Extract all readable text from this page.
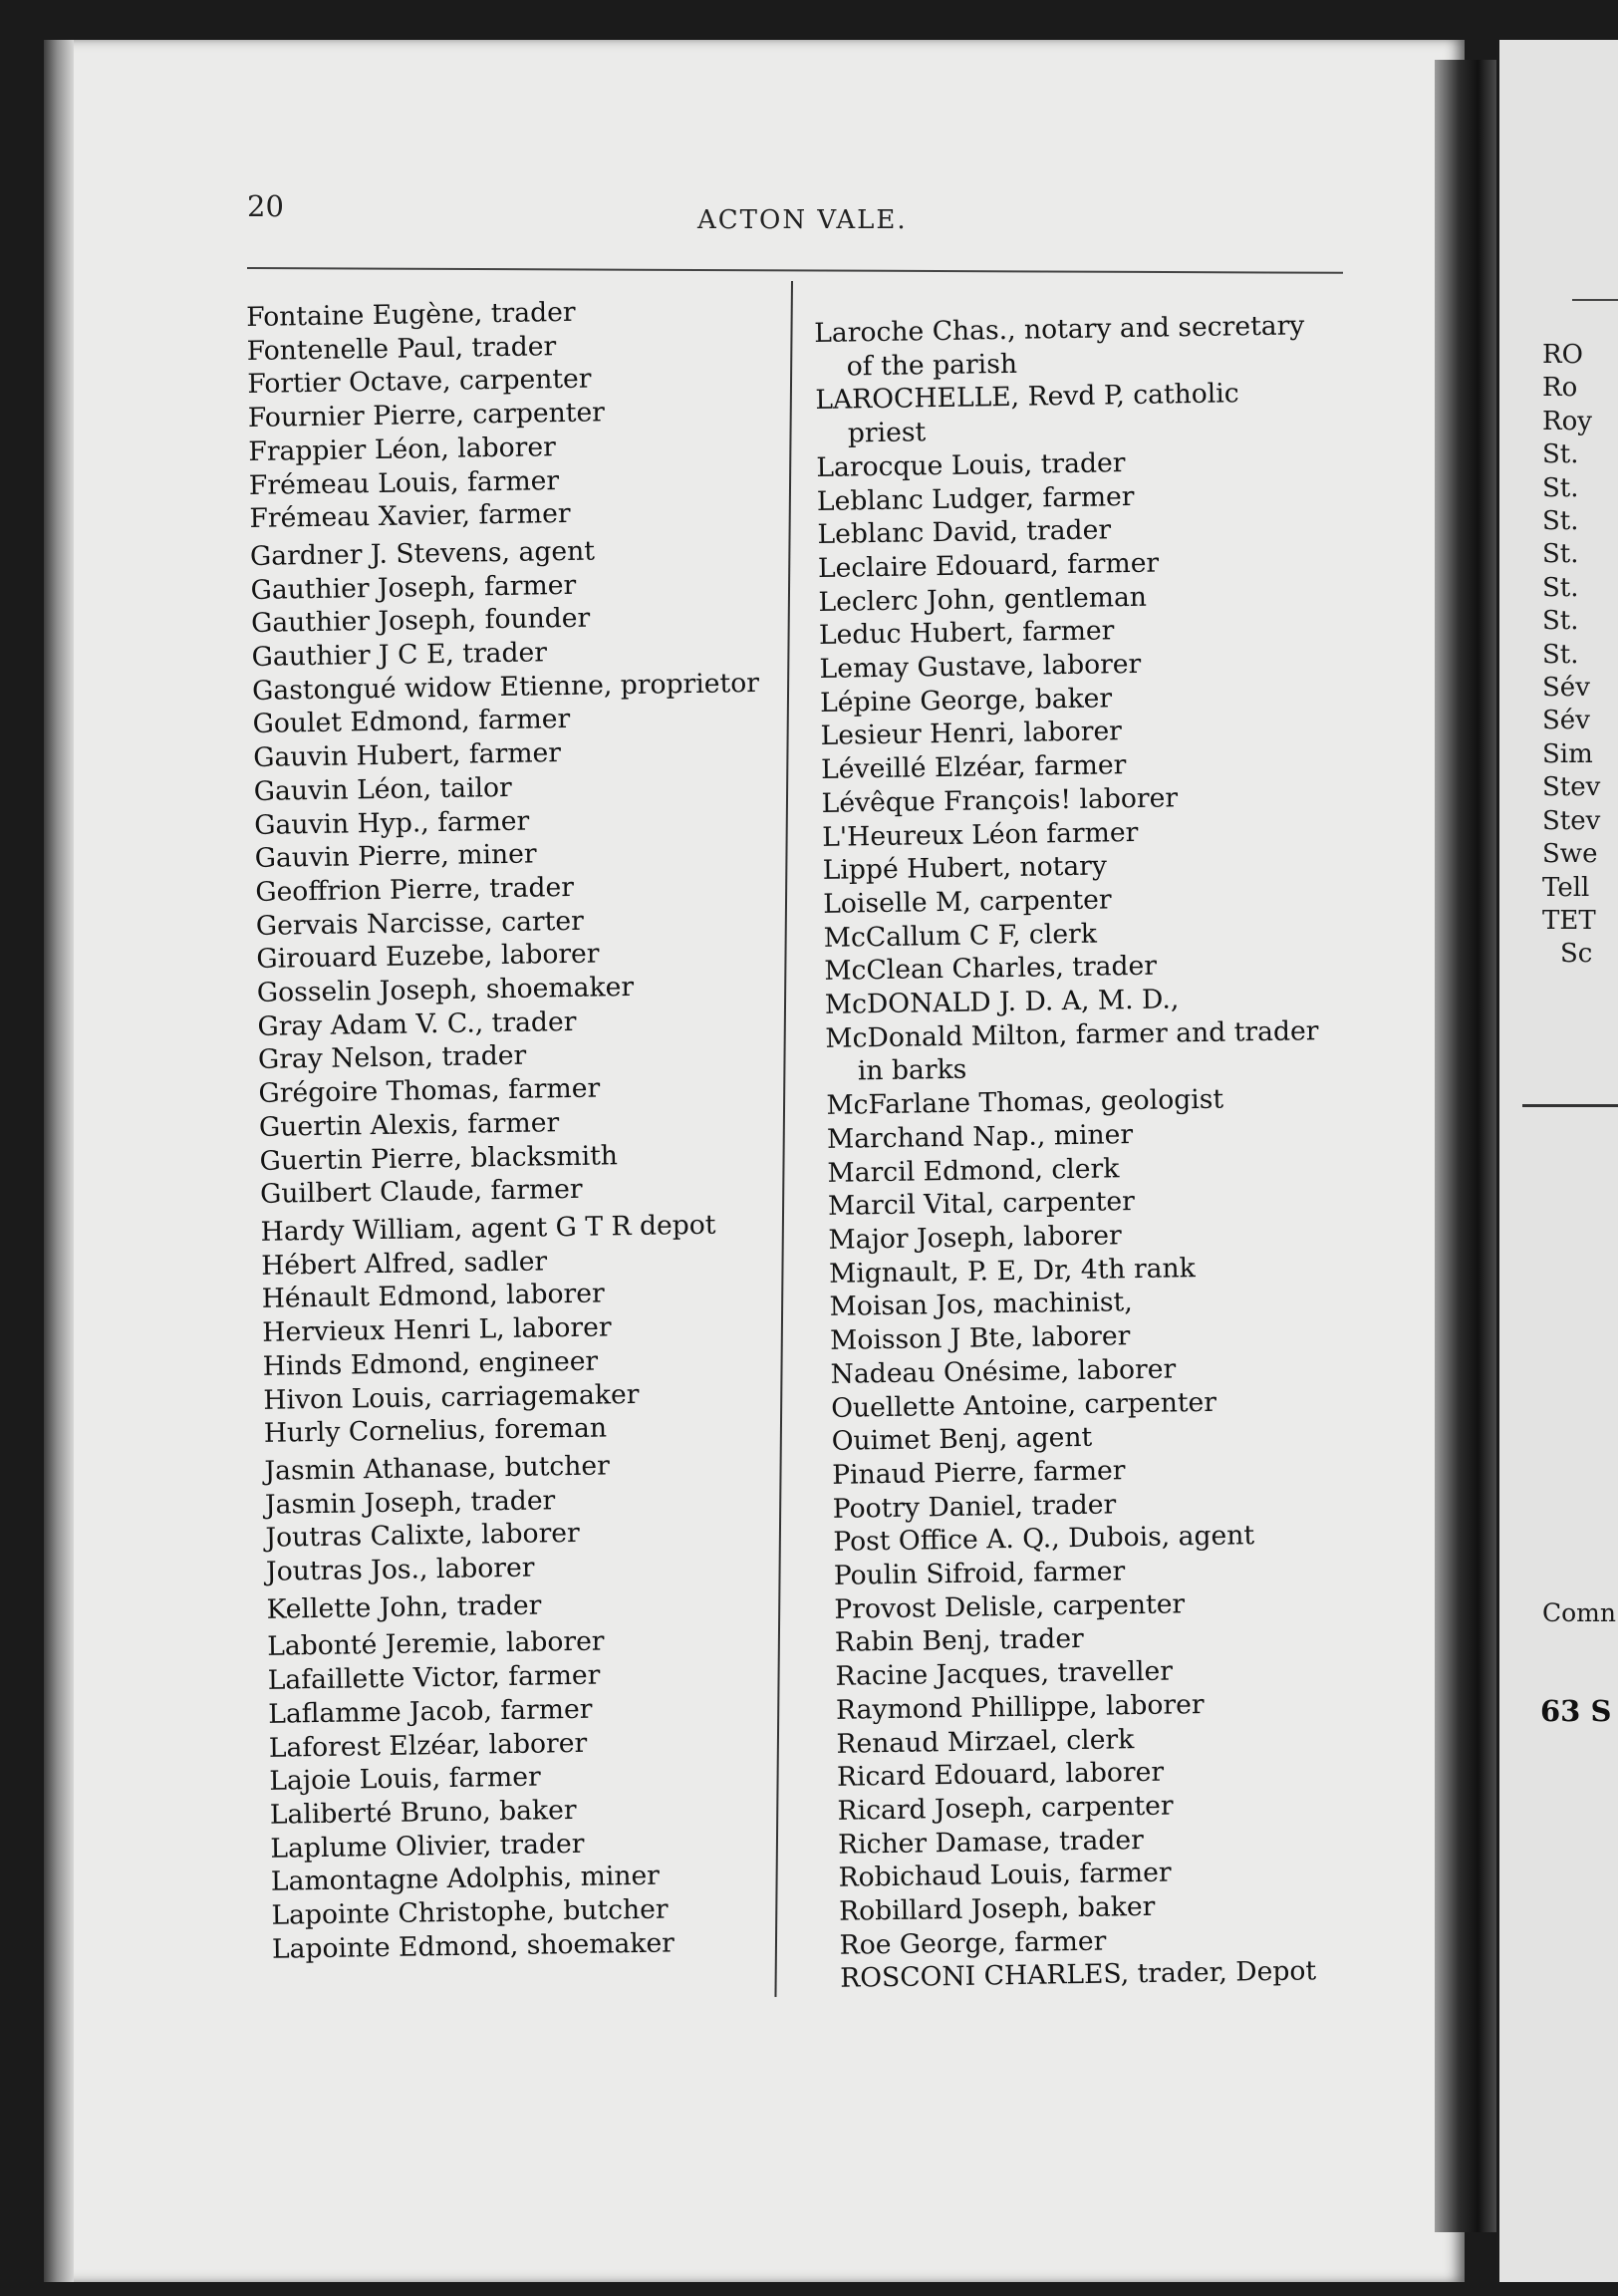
20	ACTON VALE.
Fontaine Eugène, trader
Fontenelle Paul, trader
Fortier Octave, carpenter
Fournier Pierre, carpenter
Frappier Léon, laborer
Frémeau Louis, farmer
Frémeau Xavier, farmer
Gardner J. Stevens, agent
Gauthier Joseph, farmer
Gauthier Joseph, founder
Gauthier J C E, trader
Gastongué widow Etienne, proprietor
Goulet Edmond, farmer
Gauvin Hubert, farmer
Gauvin Léon, tailor
Gauvin Hyp., farmer
Gauvin Pierre, miner
Geoffrion Pierre, trader
Gervais Narcisse, carter
Girouard Euzebe, laborer
Gosselin Joseph, shoemaker
Gray Adam V. C., trader
Gray Nelson, trader
Grégoire Thomas, farmer
Guertin Alexis, farmer
Guertin Pierre, blacksmith
Guilbert Claude, farmer
Hardy William, agent G T R depot
Hébert Alfred, sadler
Hénault Edmond, laborer
Hervieux Henri L, laborer
Hinds Edmond, engineer
Hivon Louis, carriagemaker
Hurly Cornelius, foreman
Jasmin Athanase, butcher
Jasmin Joseph, trader
Joutras Calixte, laborer
Joutras Jos., laborer
Kellette John, trader
Labonté Jeremie, laborer
Lafaillette Victor, farmer
Laflamme Jacob, farmer
Laforest Elzéar, laborer
Lajoie Louis, farmer
Laliberté Bruno, baker
Laplume Olivier, trader
Lamontagne Adolphis, miner
Lapointe Christophe, butcher
Lapointe Edmond, shoemaker
Laroche Chas., notary and secretary
of the parish
LAROCHELLE, Revd P, catholic
priest
Larocque Louis, trader
Leblanc Ludger, farmer
Leblanc David, trader
Leclaire Edouard, farmer
Leclerc John, gentleman
Leduc Hubert, farmer
Lemay Gustave, laborer
Lépine George, baker
Lesieur Henri, laborer
Léveillé Elzéar, farmer
Lévêque François! laborer
L'Heureux Léon farmer
Lippé Hubert, notary
Loiselle M, carpenter
McCallum C F, clerk
McClean Charles, trader
McDONALD J. D. A, M. D.,
McDonald Milton, farmer and trader
in barks
McFarlane Thomas, geologist
Marchand Nap., miner
Marcil Edmond, clerk
Marcil Vital, carpenter
Major Joseph, laborer
Mignault, P. E, Dr, 4th rank
Moisan Jos, machinist,
Moisson J Bte, laborer
Nadeau Onésime, laborer
Ouellette Antoine, carpenter
Ouimet Benj, agent
Pinaud Pierre, farmer
Pootry Daniel, trader
Post Office A. Q., Dubois, agent
Poulin Sifroid, farmer
Provost Delisle, carpenter
Rabin Benj, trader
Racine Jacques, traveller
Raymond Phillippe, laborer
Renaud Mirzael, clerk
Ricard Edouard, laborer
Ricard Joseph, carpenter
Richer Damase, trader
Robichaud Louis, farmer
Robillard Joseph, baker
Roe George, farmer
ROSCONI CHARLES, trader, Depot
RO
Ro
Roy
St.
St.
St.
St.
St.
St.
St.
Sév
Sév
Sim
Stev
Stev
Swe
Tell
TET
Sc
Comn
63 S
